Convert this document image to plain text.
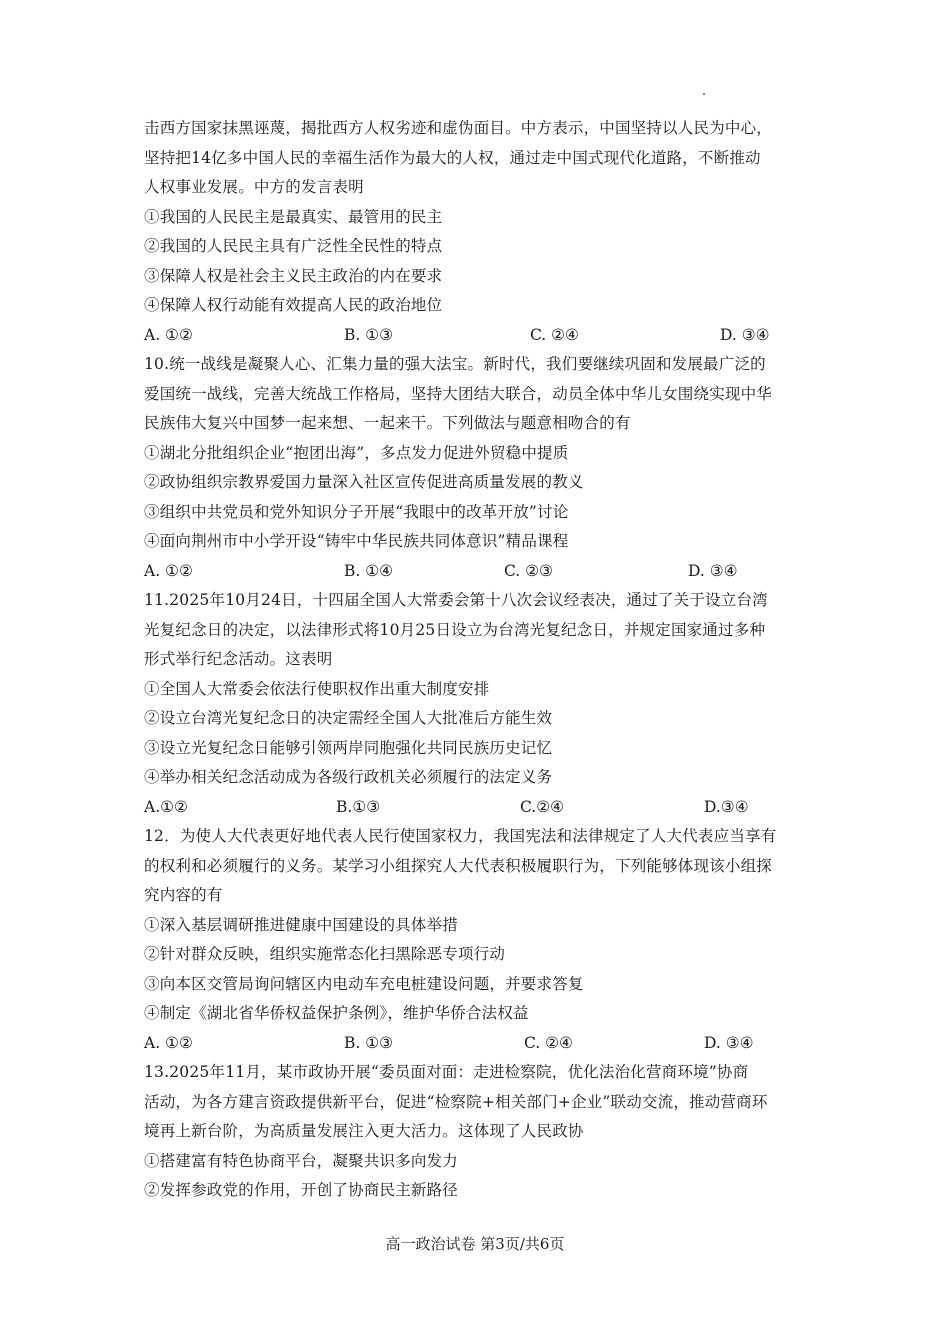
击西方国家抹黑诬蔑，揭批西方人权劣迹和虚伪面目。中方表示，中国坚持以人民为中心，
坚持把14亿多中国人民的幸福生活作为最大的人权，通过走中国式现代化道路，不断推动
人权事业发展。中方的发言表明
①我国的人民民主是最真实、最管用的民主
②我国的人民民主具有广泛性全民性的特点
③保障人权是社会主义民主政治的内在要求
④保障人权行动能有效提高人民的政治地位
A. ①②	B. ①③	C. ②④	D. ③④
10.统一战线是凝聚人心、汇集力量的强大法宝。新时代，我们要继续巩固和发展最广泛的
爱国统一战线，完善大统战工作格局，坚持大团结大联合，动员全体中华儿女围绕实现中华
民族伟大复兴中国梦一起来想、一起来干。下列做法与题意相吻合的有
①湖北分批组织企业“抱团出海”，多点发力促进外贸稳中提质
②政协组织宗教界爱国力量深入社区宣传促进高质量发展的教义
③组织中共党员和党外知识分子开展“我眼中的改革开放”讨论
④面向荆州市中小学开设“铸牢中华民族共同体意识”精品课程
A. ①②	B. ①④	C. ②③	D. ③④
11.2025年10月24日，十四届全国人大常委会第十八次会议经表决，通过了关于设立台湾
光复纪念日的决定，以法律形式将10月25日设立为台湾光复纪念日，并规定国家通过多种
形式举行纪念活动。这表明
①全国人大常委会依法行使职权作出重大制度安排
②设立台湾光复纪念日的决定需经全国人大批准后方能生效
③设立光复纪念日能够引领两岸同胞强化共同民族历史记忆
④举办相关纪念活动成为各级行政机关必须履行的法定义务
A.①②	B.①③	C.②④	D.③④
12．为使人大代表更好地代表人民行使国家权力，我国宪法和法律规定了人大代表应当享有
的权利和必须履行的义务。某学习小组探究人大代表积极履职行为，下列能够体现该小组探
究内容的有
①深入基层调研推进健康中国建设的具体举措
②针对群众反映，组织实施常态化扫黑除恶专项行动
③向本区交管局询问辖区内电动车充电桩建设问题，并要求答复
④制定《湖北省华侨权益保护条例》，维护华侨合法权益
A. ①②	B. ①③	C. ②④	D. ③④
13.2025年11月，某市政协开展“委员面对面：走进检察院，优化法治化营商环境”协商
活动，为各方建言资政提供新平台，促进“检察院+相关部门+企业”联动交流，推动营商环
境再上新台阶，为高质量发展注入更大活力。这体现了人民政协
①搭建富有特色协商平台，凝聚共识多向发力
②发挥参政党的作用，开创了协商民主新路径
高一政治试卷 第3页/共6页
